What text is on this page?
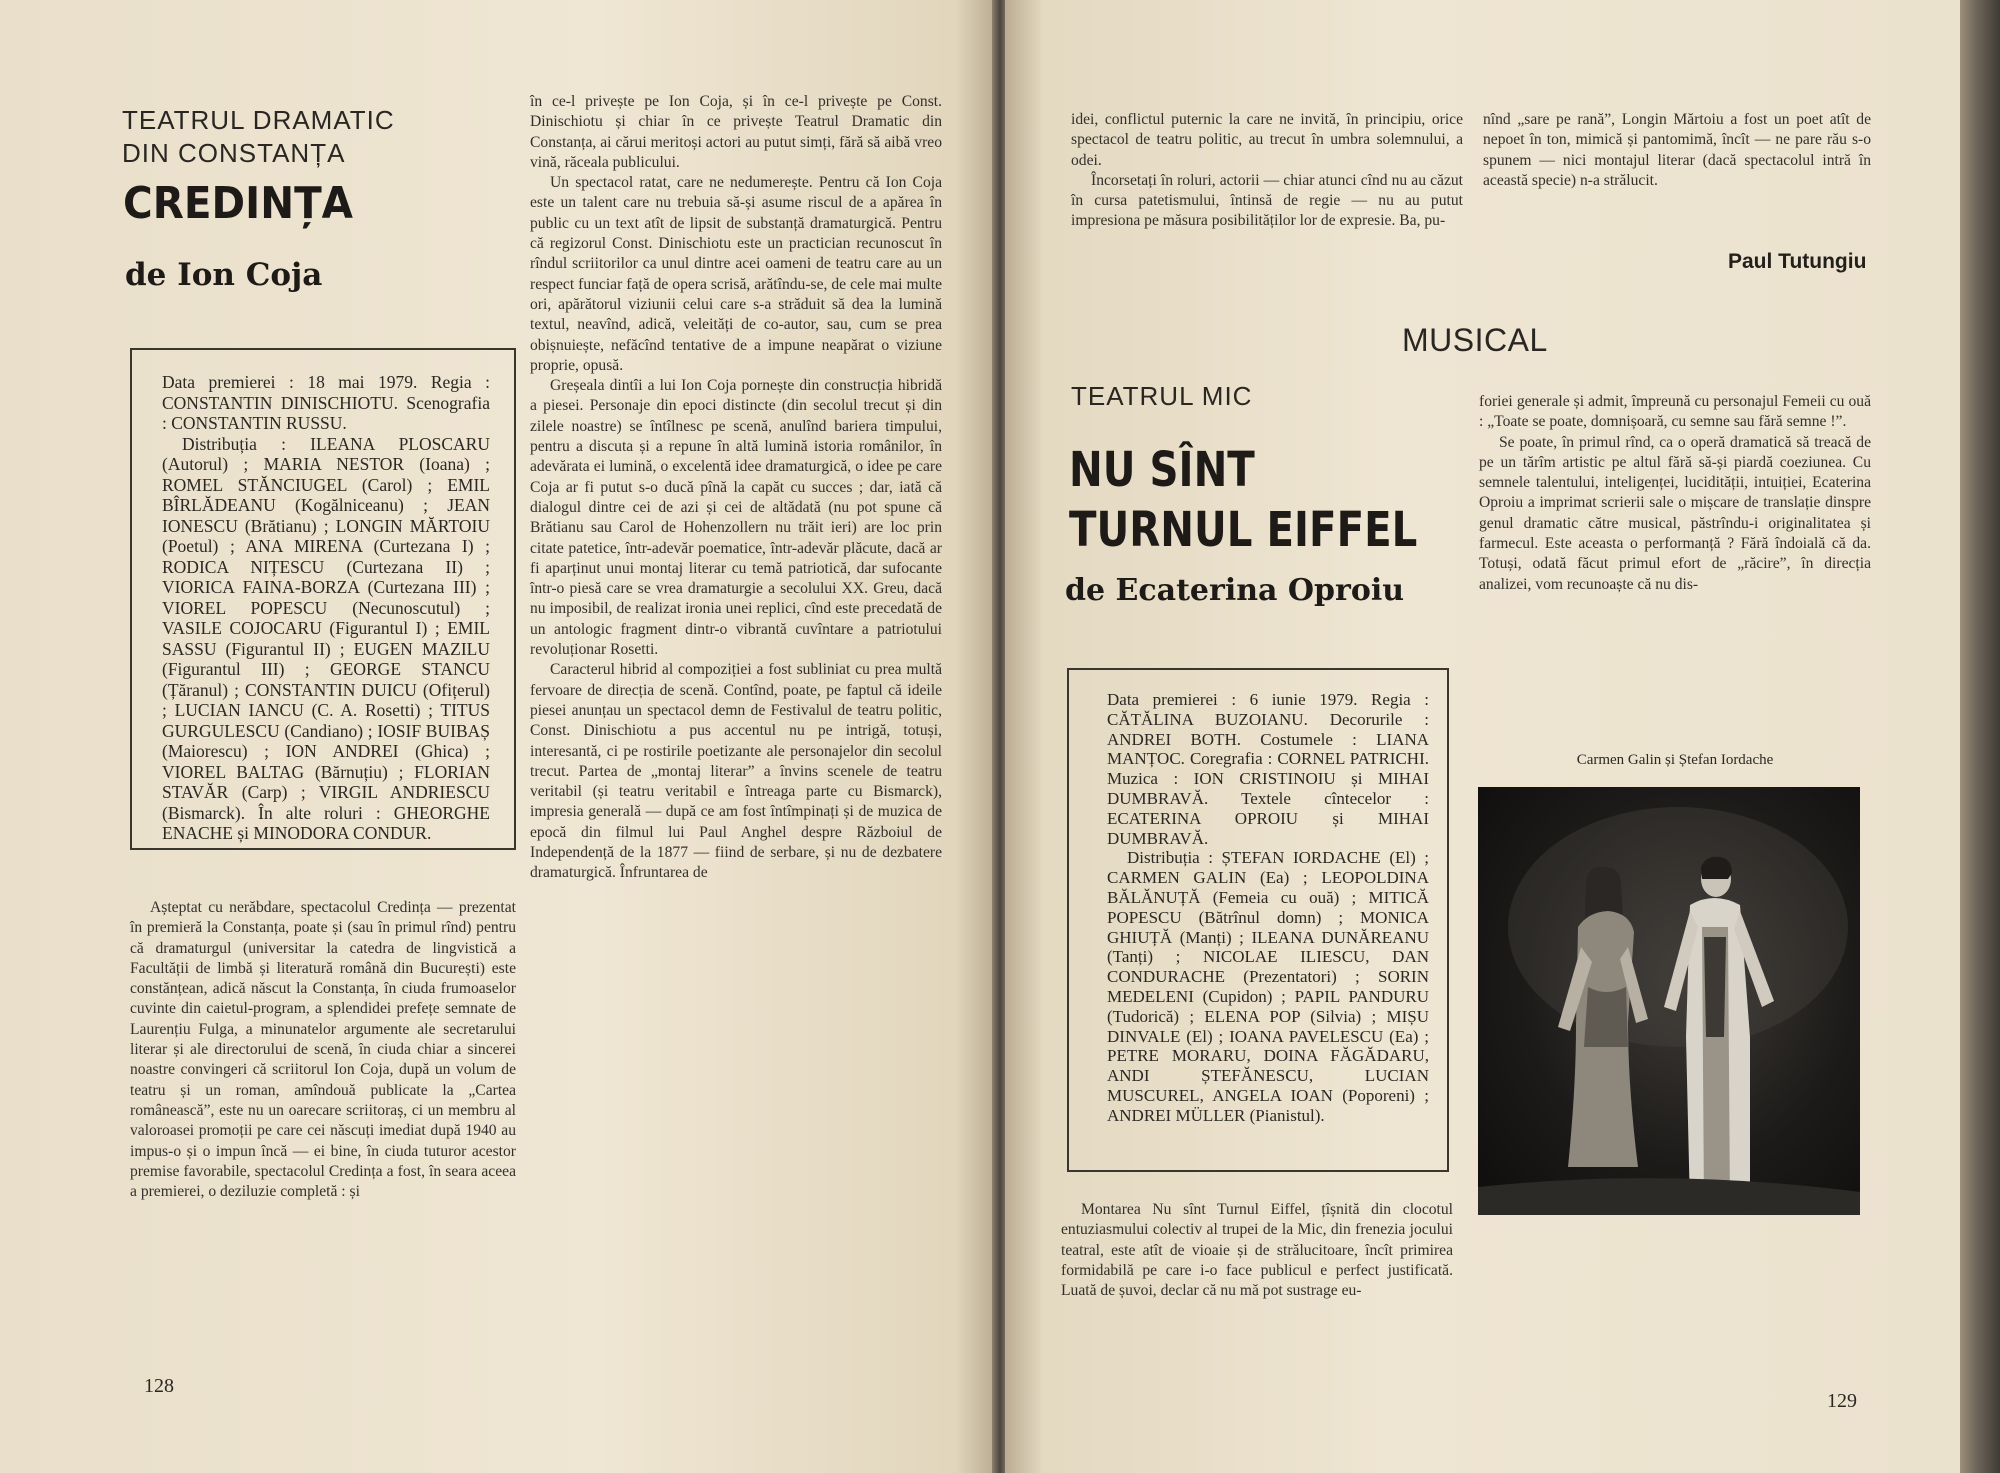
TEATRUL DRAMATIC
DIN CONSTANȚA
CREDINȚA
de Ion Coja

Data premierei : 18 mai 1979. Regia : CONSTANTIN DINISCHIOTU. Scenografia : CONSTANTIN RUSSU.

Distribuția : ILEANA PLOSCARU (Autorul) ; MARIA NESTOR (Ioana) ; ROMEL STĂNCIUGEL (Carol) ; EMIL BÎRLĂDEANU (Kogălniceanu) ; JEAN IONESCU (Brătianu) ; LONGIN MĂRTOIU (Poetul) ; ANA MIRENA (Curtezana I) ; RODICA NIȚESCU (Curtezana II) ; VIORICA FAINA-BORZA (Curtezana III) ; VIOREL POPESCU (Necunoscutul) ; VASILE COJOCARU (Figurantul I) ; EMIL SASSU (Figurantul II) ; EUGEN MAZILU (Figurantul III) ; GEORGE STANCU (Țăranul) ; CONSTANTIN DUICU (Ofițerul) ; LUCIAN IANCU (C. A. Rosetti) ; TITUS GURGULESCU (Candiano) ; IOSIF BUIBAȘ (Maiorescu) ; ION ANDREI (Ghica) ; VIOREL BALTAG (Bărnuțiu) ; FLORIAN STAVĂR (Carp) ; VIRGIL ANDRIESCU (Bismarck). În alte roluri : GHEORGHE ENACHE și MINODORA CONDUR.

Așteptat cu nerăbdare, spectacolul Credința — prezentat în premieră la Constanța, poate și (sau în primul rînd) pentru că dramaturgul (universitar la catedra de lingvistică a Facultății de limbă și literatură română din București) este constănțean, adică născut la Constanța, în ciuda frumoaselor cuvinte din caietul-program, a splendidei prefețe semnate de Laurențiu Fulga, a minunatelor argumente ale secretarului literar și ale directorului de scenă, în ciuda chiar a sincerei noastre convingeri că scriitorul Ion Coja, după un volum de teatru și un roman, amîndouă publicate la „Cartea românească”, este nu un oarecare scriitoraș, ci un membru al valoroasei promoții pe care cei născuți imediat după 1940 au impus-o și o impun încă — ei bine, în ciuda tuturor acestor premise favorabile, spectacolul Credința a fost, în seara aceea a premierei, o deziluzie completă : și

în ce-l privește pe Ion Coja, și în ce-l privește pe Const. Dinischiotu și chiar în ce privește Teatrul Dramatic din Constanța, ai cărui meritoși actori au putut simți, fără să aibă vreo vină, răceala publicului.

Un spectacol ratat, care ne nedumerește. Pentru că Ion Coja este un talent care nu trebuia să-și asume riscul de a apărea în public cu un text atît de lipsit de substanță dramaturgică. Pentru că regizorul Const. Dinischiotu este un practician recunoscut în rîndul scriitorilor ca unul dintre acei oameni de teatru care au un respect funciar față de opera scrisă, arătîndu-se, de cele mai multe ori, apărătorul viziunii celui care s-a străduit să dea la lumină textul, neavînd, adică, veleități de co-autor, sau, cum se prea obișnuiește, nefăcînd tentative de a impune neapărat o viziune proprie, opusă.

Greșeala dintîi a lui Ion Coja pornește din construcția hibridă a piesei. Personaje din epoci distincte (din secolul trecut și din zilele noastre) se întîlnesc pe scenă, anulînd bariera timpului, pentru a discuta și a repune în altă lumină istoria românilor, în adevărata ei lumină, o excelentă idee dramaturgică, o idee pe care Coja ar fi putut s-o ducă pînă la capăt cu succes ; dar, iată că dialogul dintre cei de azi și cei de altădată (nu pot spune că Brătianu sau Carol de Hohenzollern nu trăit ieri) are loc prin citate patetice, într-adevăr poematice, într-adevăr plăcute, dacă ar fi aparținut unui montaj literar cu temă patriotică, dar sufocante într-o piesă care se vrea dramaturgie a secolului XX. Greu, dacă nu imposibil, de realizat ironia unei replici, cînd este precedată de un antologic fragment dintr-o vibrantă cuvîntare a patriotului revoluționar Rosetti.

Caracterul hibrid al compoziției a fost subliniat cu prea multă fervoare de direcția de scenă. Contînd, poate, pe faptul că ideile piesei anunțau un spectacol demn de Festivalul de teatru politic, Const. Dinischiotu a pus accentul nu pe intrigă, totuși, interesantă, ci pe rostirile poetizante ale personajelor din secolul trecut. Partea de „montaj literar” a învins scenele de teatru veritabil (și teatru veritabil e întreaga parte cu Bismarck), impresia generală — după ce am fost întîmpinați și de muzica de epocă din filmul lui Paul Anghel despre Războiul de Independență de la 1877 — fiind de serbare, și nu de dezbatere dramaturgică. Înfruntarea de

128

idei, conflictul puternic la care ne invită, în principiu, orice spectacol de teatru politic, au trecut în umbra solemnului, a odei.

Încorsetați în roluri, actorii — chiar atunci cînd nu au căzut în cursa patetismului, întinsă de regie — nu au putut impresiona pe măsura posibilităților lor de expresie. Ba, pu-

nînd „sare pe rană”, Longin Mărtoiu a fost un poet atît de nepoet în ton, mimică și pantomimă, încît — ne pare rău s-o spunem — nici montajul literar (dacă spectacolul intră în această specie) n-a strălucit.

Paul Tutungiu
MUSICAL
TEATRUL MIC
NU SÎNT
TURNUL EIFFEL
de Ecaterina Oproiu

Data premierei : 6 iunie 1979. Regia : CĂTĂLINA BUZOIANU. Decorurile : ANDREI BOTH. Costumele : LIANA MANȚOC. Coregrafia : CORNEL PATRICHI. Muzica : ION CRISTINOIU și MIHAI DUMBRAVĂ. Textele cîntecelor : ECATERINA OPROIU și MIHAI DUMBRAVĂ.

Distribuția : ȘTEFAN IORDACHE (El) ; CARMEN GALIN (Ea) ; LEOPOLDINA BĂLĂNUȚĂ (Femeia cu ouă) ; MITICĂ POPESCU (Bătrînul domn) ; MONICA GHIUȚĂ (Manți) ; ILEANA DUNĂREANU (Tanți) ; NICOLAE ILIESCU, DAN CONDURACHE (Prezentatori) ; SORIN MEDELENI (Cupidon) ; PAPIL PANDURU (Tudorică) ; ELENA POP (Silvia) ; MIȘU DINVALE (El) ; IOANA PAVELESCU (Ea) ; PETRE MORARU, DOINA FĂGĂDARU, ANDI ȘTEFĂNESCU, LUCIAN MUSCUREL, ANGELA IOAN (Poporeni) ; ANDREI MÜLLER (Pianistul).

Montarea Nu sînt Turnul Eiffel, țîșnită din clocotul entuziasmului colectiv al trupei de la Mic, din frenezia jocului teatral, este atît de vioaie și de strălucitoare, încît primirea formidabilă pe care i-o face publicul e perfect justificată. Luată de șuvoi, declar că nu mă pot sustrage eu-

foriei generale și admit, împreună cu personajul Femeii cu ouă : „Toate se poate, domnișoară, cu semne sau fără semne !”.

Se poate, în primul rînd, ca o operă dramatică să treacă de pe un tărîm artistic pe altul fără să-și piardă coeziunea. Cu semnele talentului, inteligenței, lucidității, intuiției, Ecaterina Oproiu a imprimat scrierii sale o mișcare de translație dinspre genul dramatic către musical, păstrîndu-i originalitatea și farmecul. Este aceasta o performanță ? Fără îndoială că da. Totuși, odată făcut primul efort de „răcire”, în direcția analizei, vom recunoaște că nu dis-

Carmen Galin și Ștefan Iordache
129
